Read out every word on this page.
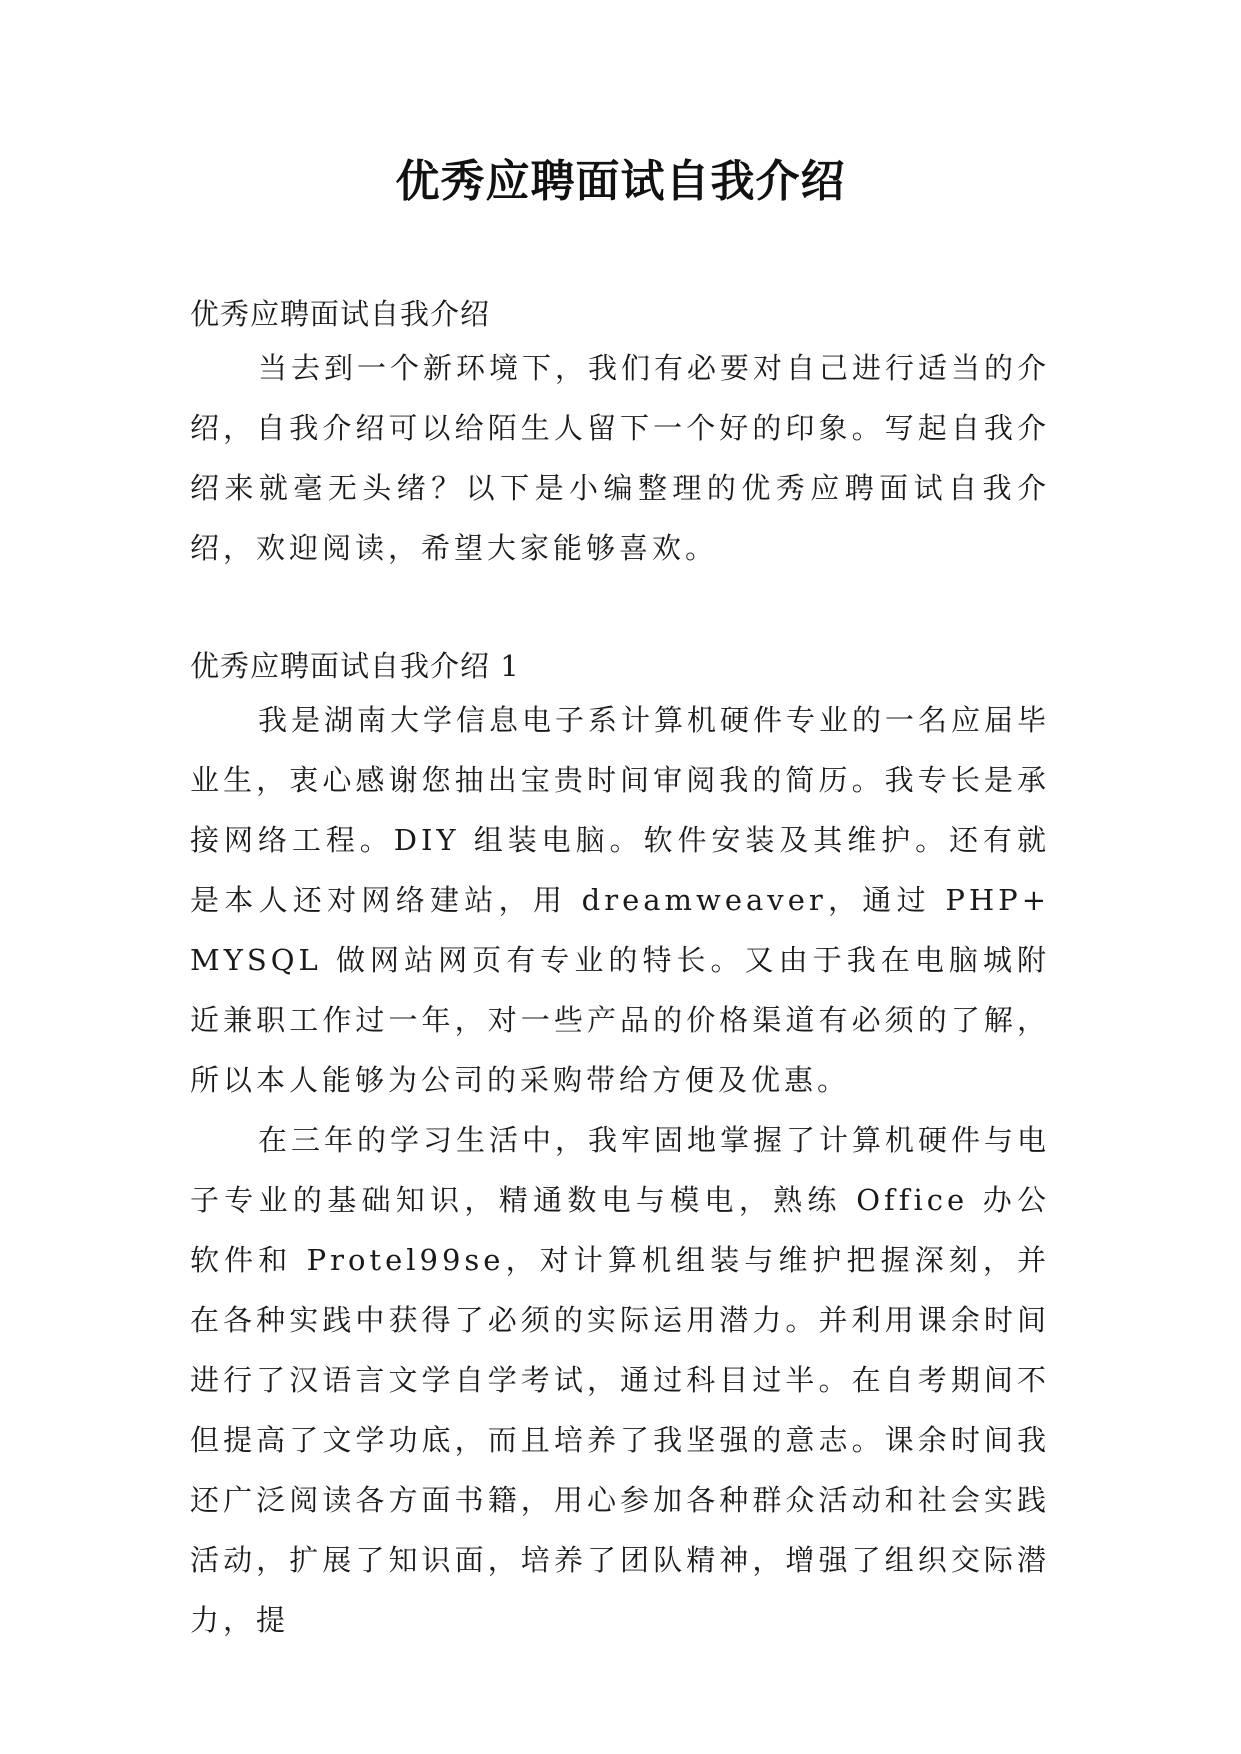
优秀应聘面试自我介绍

优秀应聘面试自我介绍

当去到一个新环境下，我们有必要对自己进行适当的介绍，自我介绍可以给陌生人留下一个好的印象。写起自我介绍来就毫无头绪？以下是小编整理的优秀应聘面试自我介绍，欢迎阅读，希望大家能够喜欢。

优秀应聘面试自我介绍 1

我是湖南大学信息电子系计算机硬件专业的一名应届毕业生，衷心感谢您抽出宝贵时间审阅我的简历。我专长是承接网络工程。DIY 组装电脑。软件安装及其维护。还有就是本人还对网络建站，用 dreamweaver，通过 PHP+MYSQL 做网站网页有专业的特长。又由于我在电脑城附近兼职工作过一年，对一些产品的价格渠道有必须的了解，所以本人能够为公司的采购带给方便及优惠。

在三年的学习生活中，我牢固地掌握了计算机硬件与电子专业的基础知识，精通数电与模电，熟练 Office 办公软件和 Protel99se，对计算机组装与维护把握深刻，并在各种实践中获得了必须的实际运用潜力。并利用课余时间进行了汉语言文学自学考试，通过科目过半。在自考期间不但提高了文学功底，而且培养了我坚强的意志。课余时间我还广泛阅读各方面书籍，用心参加各种群众活动和社会实践活动，扩展了知识面，培养了团队精神，增强了组织交际潜力，提
